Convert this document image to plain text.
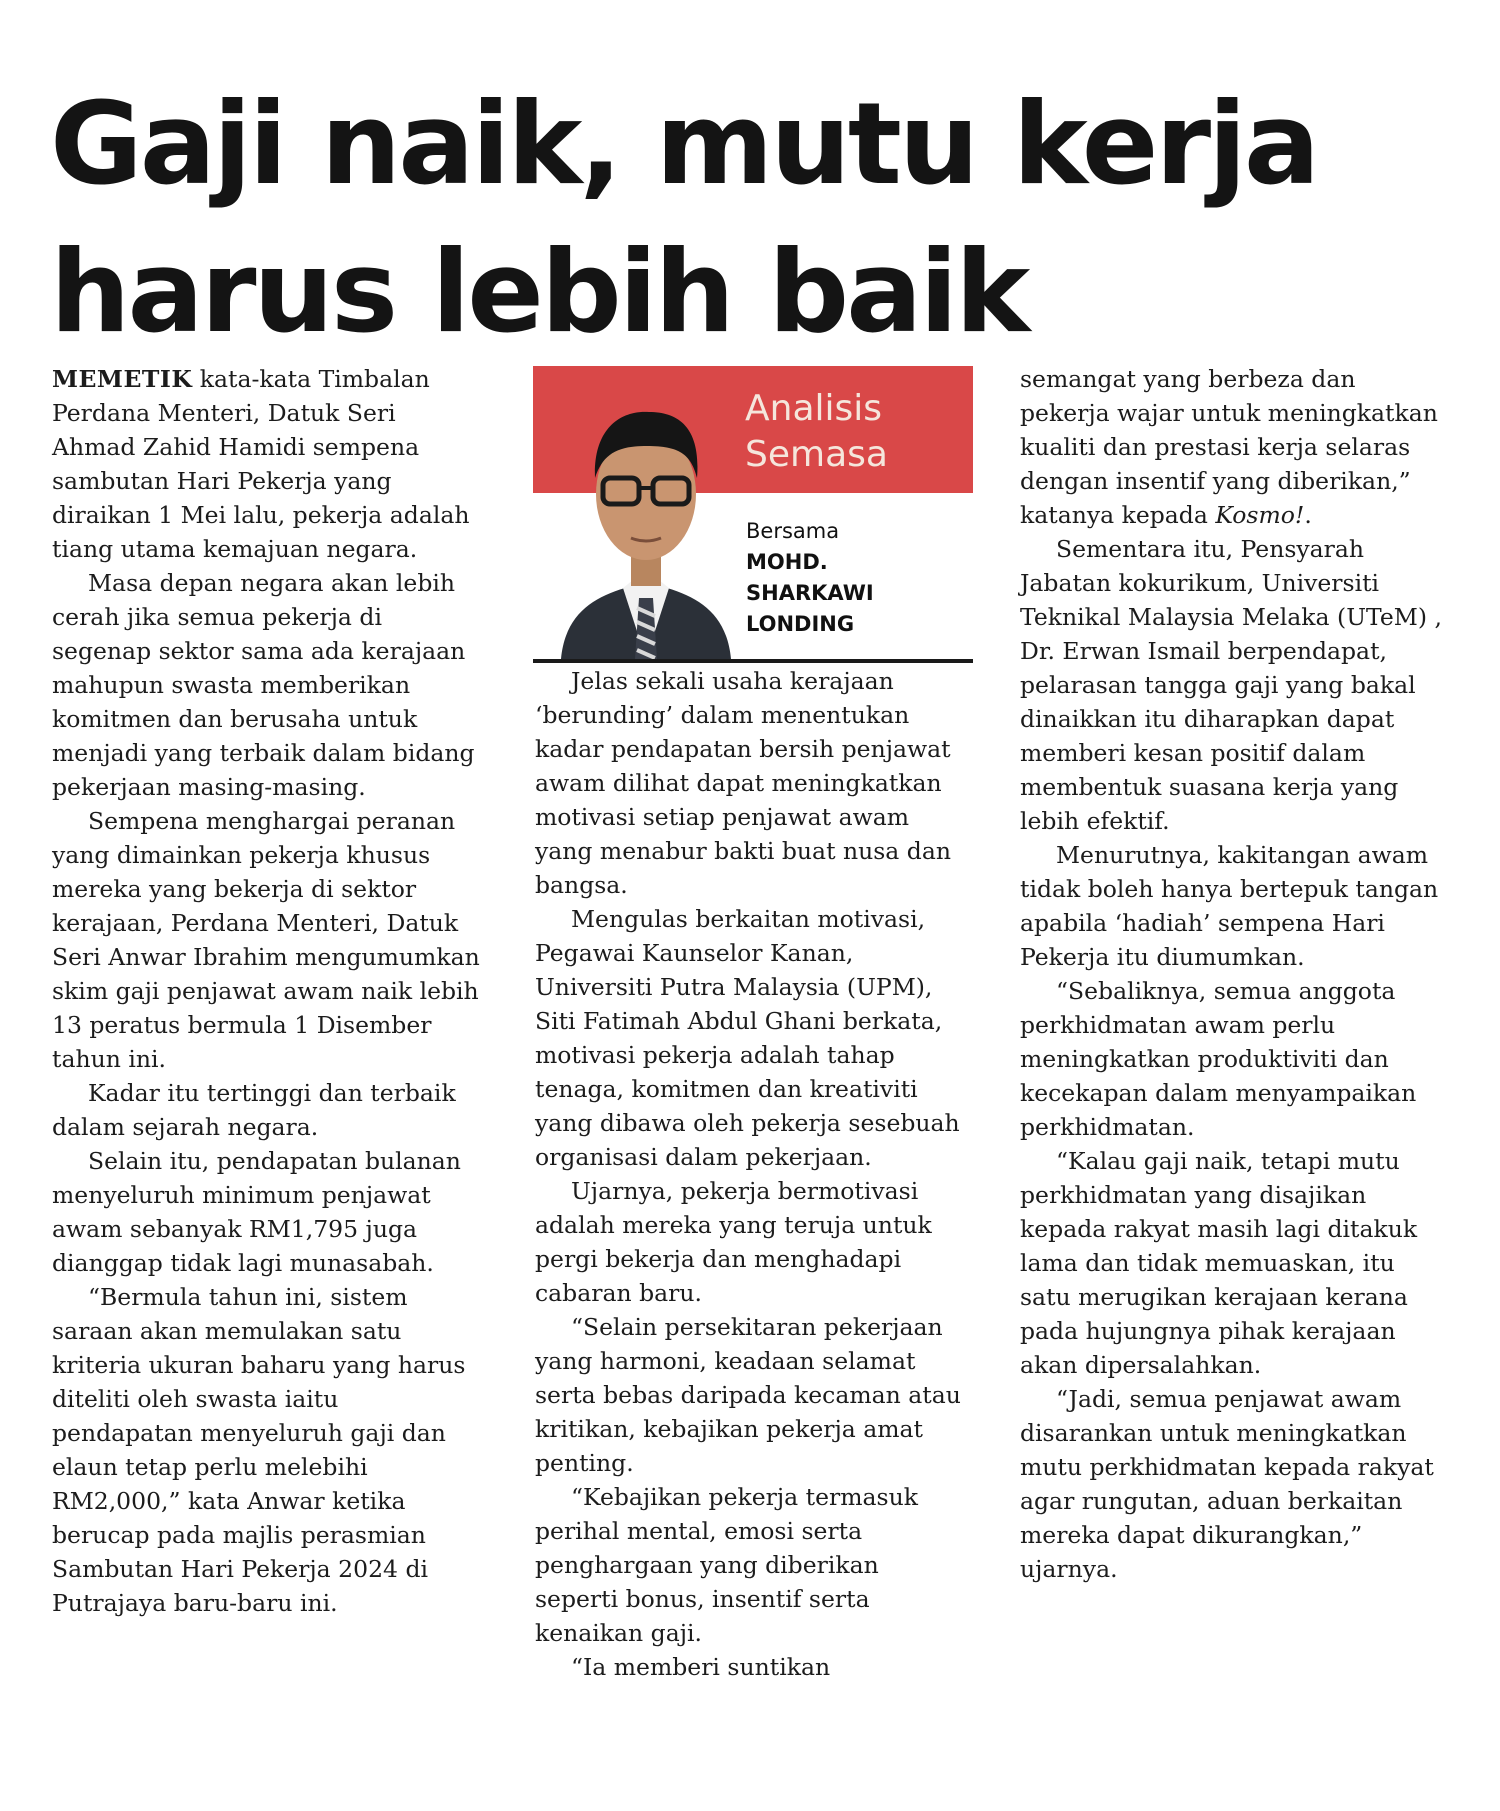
Gaji naik, mutu kerja
harus lebih baik

MEMETIK kata-kata Timbalan Perdana Menteri, Datuk Seri Ahmad Zahid Hamidi sempena sambutan Hari Pekerja yang diraikan 1 Mei lalu, pekerja adalah tiang utama kemajuan negara.

Masa depan negara akan lebih cerah jika semua pekerja di segenap sektor sama ada kerajaan mahupun swasta memberikan komitmen dan berusaha untuk menjadi yang terbaik dalam bidang pekerjaan masing-masing.

Sempena menghargai peranan yang dimainkan pekerja khusus mereka yang bekerja di sektor kerajaan, Perdana Menteri, Datuk Seri Anwar Ibrahim mengumumkan skim gaji penjawat awam naik lebih 13 peratus bermula 1 Disember tahun ini.

Kadar itu tertinggi dan terbaik dalam sejarah negara.

Selain itu, pendapatan bulanan menyeluruh minimum penjawat awam sebanyak RM1,795 juga dianggap tidak lagi munasabah.

“Bermula tahun ini, sistem saraan akan memulakan satu kriteria ukuran baharu yang harus diteliti oleh swasta iaitu pendapatan menyeluruh gaji dan elaun tetap perlu melebihi RM2,000,” kata Anwar ketika berucap pada majlis perasmian Sambutan Hari Pekerja 2024 di Putrajaya baru-baru ini.

Analisis
Semasa
Bersama
MOHD.
SHARKAWI
LONDING

Jelas sekali usaha kerajaan ‘berunding’ dalam menentukan kadar pendapatan bersih penjawat awam dilihat dapat meningkatkan motivasi setiap penjawat awam yang menabur bakti buat nusa dan bangsa.

Mengulas berkaitan motivasi, Pegawai Kaunselor Kanan, Universiti Putra Malaysia (UPM), Siti Fatimah Abdul Ghani berkata, motivasi pekerja adalah tahap tenaga, komitmen dan kreativiti yang dibawa oleh pekerja sesebuah organisasi dalam pekerjaan.

Ujarnya, pekerja bermotivasi adalah mereka yang teruja untuk pergi bekerja dan menghadapi cabaran baru.

“Selain persekitaran pekerjaan yang harmoni, keadaan selamat serta bebas daripada kecaman atau kritikan, kebajikan pekerja amat penting.

“Kebajikan pekerja termasuk perihal mental, emosi serta penghargaan yang diberikan seperti bonus, insentif serta kenaikan gaji.

“Ia memberi suntikan

semangat yang berbeza dan pekerja wajar untuk meningkatkan kualiti dan prestasi kerja selaras dengan insentif yang diberikan,” katanya kepada Kosmo!.

Sementara itu, Pensyarah Jabatan kokurikum, Universiti Teknikal Malaysia Melaka (UTeM) , Dr. Erwan Ismail berpendapat, pelarasan tangga gaji yang bakal dinaikkan itu diharapkan dapat memberi kesan positif dalam membentuk suasana kerja yang lebih efektif.

Menurutnya, kakitangan awam tidak boleh hanya bertepuk tangan apabila ‘hadiah’ sempena Hari Pekerja itu diumumkan.

“Sebaliknya, semua anggota perkhidmatan awam perlu meningkatkan produktiviti dan kecekapan dalam menyampaikan perkhidmatan.

“Kalau gaji naik, tetapi mutu perkhidmatan yang disajikan kepada rakyat masih lagi ditakuk lama dan tidak memuaskan, itu satu merugikan kerajaan kerana pada hujungnya pihak kerajaan akan dipersalahkan.

“Jadi, semua penjawat awam disarankan untuk meningkatkan mutu perkhidmatan kepada rakyat agar rungutan, aduan berkaitan mereka dapat dikurangkan,” ujarnya.
